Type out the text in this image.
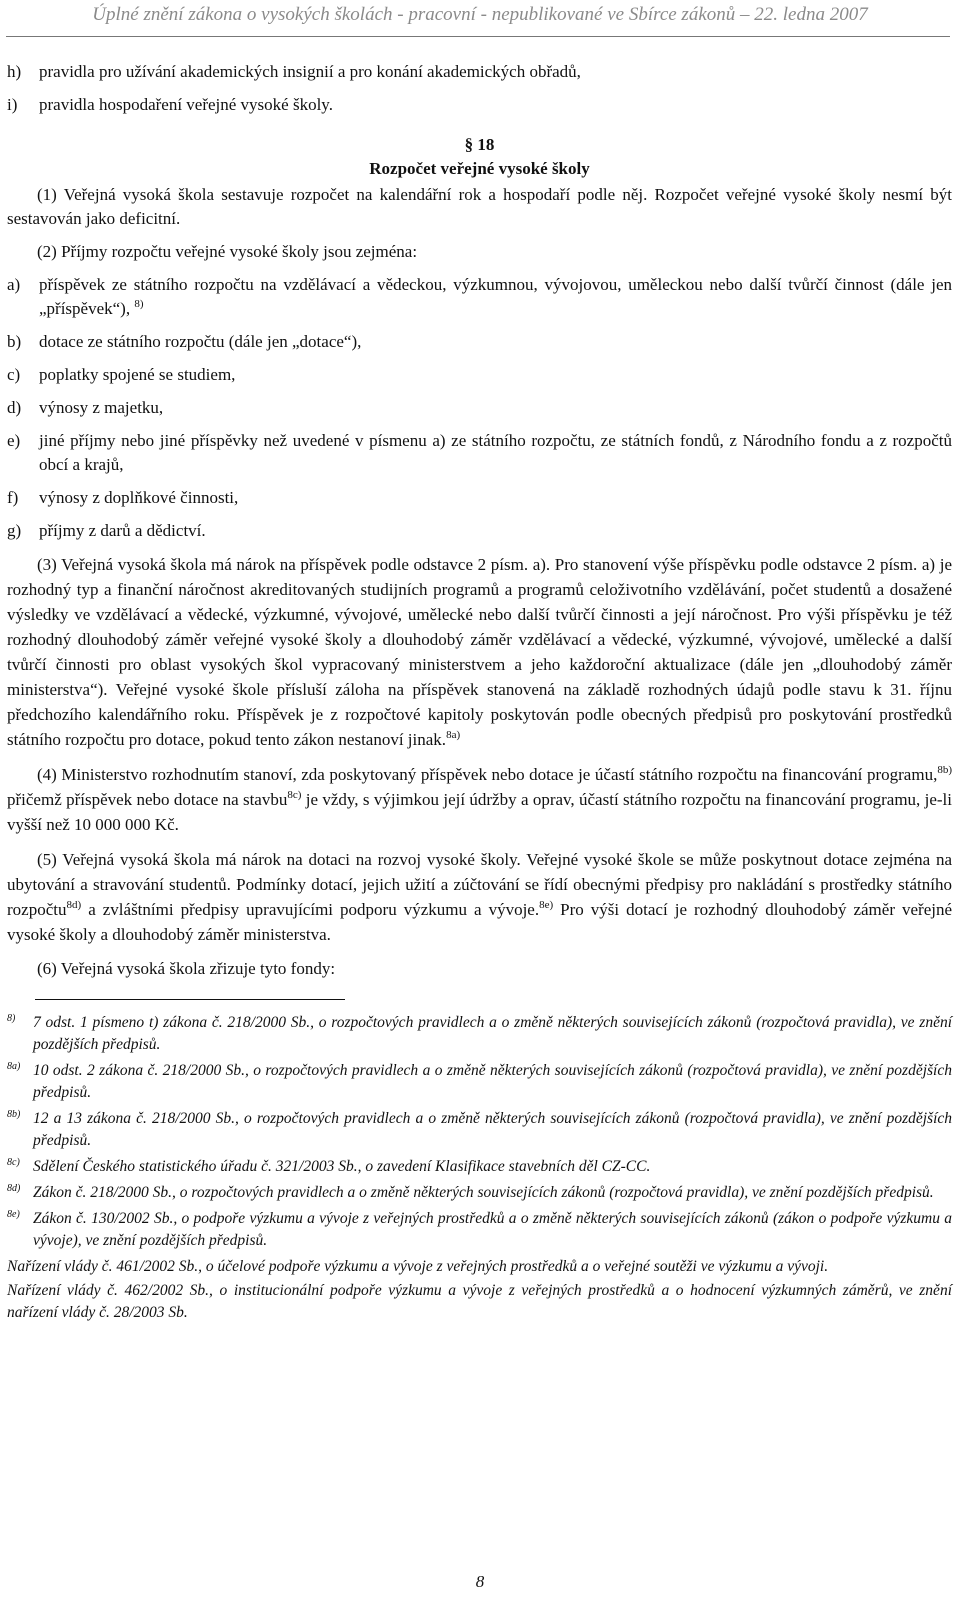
Úplné znění zákona o vysokých školách - pracovní - nepublikované ve Sbírce zákonů – 22. ledna 2007
h)	pravidla pro užívání akademických insignií a pro konání akademických obřadů,
i)	pravidla hospodaření veřejné vysoké školy.
§ 18
Rozpočet veřejné vysoké školy

(1) Veřejná vysoká škola sestavuje rozpočet na kalendářní rok a hospodaří podle něj. Rozpočet veřejné vysoké školy nesmí být sestavován jako deficitní.

(2) Příjmy rozpočtu veřejné vysoké školy jsou zejména:

a)	příspěvek ze státního rozpočtu na vzdělávací a vědeckou, výzkumnou, vývojovou, uměleckou nebo další tvůrčí činnost (dále jen „příspěvek“), $^{8)}$
b)	dotace ze státního rozpočtu (dále jen „dotace“),
c)	poplatky spojené se studiem,
d)	výnosy z majetku,
e)	jiné příjmy nebo jiné příspěvky než uvedené v písmenu a) ze státního rozpočtu, ze státních fondů, z Národního fondu a z rozpočtů obcí a krajů,
f)	výnosy z doplňkové činnosti,
g)	příjmy z darů a dědictví.

(3) Veřejná vysoká škola má nárok na příspěvek podle odstavce 2 písm. a). Pro stanovení výše příspěvku podle odstavce 2 písm. a) je rozhodný typ a finanční náročnost akreditovaných studijních programů a programů celoživotního vzdělávání, počet studentů a dosažené výsledky ve vzdělávací a vědecké, výzkumné, vývojové, umělecké nebo další tvůrčí činnosti a její náročnost. Pro výši příspěvku je též rozhodný dlouhodobý záměr veřejné vysoké školy a dlouhodobý záměr vzdělávací a vědecké, výzkumné, vývojové, umělecké a další tvůrčí činnosti pro oblast vysokých škol vypracovaný ministerstvem a jeho každoroční aktualizace (dále jen „dlouhodobý záměr ministerstva“). Veřejné vysoké škole přísluší záloha na příspěvek stanovená na základě rozhodných údajů podle stavu k 31. říjnu předchozího kalendářního roku. Příspěvek je z rozpočtové kapitoly poskytován podle obecných předpisů pro poskytování prostředků státního rozpočtu pro dotace, pokud tento zákon nestanoví jinak.$^{8a)}$

(4) Ministerstvo rozhodnutím stanoví, zda poskytovaný příspěvek nebo dotace je účastí státního rozpočtu na financování programu,$^{8b)}$ přičemž příspěvek nebo dotace na stavbu$^{8c)}$ je vždy, s výjimkou její údržby a oprav, účastí státního rozpočtu na financování programu, je-li vyšší než 10 000 000 Kč.

(5) Veřejná vysoká škola má nárok na dotaci na rozvoj vysoké školy. Veřejné vysoké škole se může poskytnout dotace zejména na ubytování a stravování studentů. Podmínky dotací, jejich užití a zúčtování se řídí obecnými předpisy pro nakládání s prostředky státního rozpočtu$^{8d)}$ a zvláštními předpisy upravujícími podporu výzkumu a vývoje.$^{8e)}$ Pro výši dotací je rozhodný dlouhodobý záměr veřejné vysoké školy a dlouhodobý záměr ministerstva.

(6) Veřejná vysoká škola zřizuje tyto fondy:

8)	7 odst. 1 písmeno t) zákona č. 218/2000 Sb., o rozpočtových pravidlech a o změně některých souvisejících zákonů (rozpočtová pravidla), ve znění pozdějších předpisů.
8a) 10 odst. 2 zákona č. 218/2000 Sb., o rozpočtových pravidlech a o změně některých souvisejících zákonů (rozpočtová pravidla), ve znění pozdějších předpisů.
8b) 12 a 13 zákona č. 218/2000 Sb., o rozpočtových pravidlech a o změně některých souvisejících zákonů (rozpočtová pravidla), ve znění pozdějších předpisů.
8c) Sdělení Českého statistického úřadu č. 321/2003 Sb., o zavedení Klasifikace stavebních děl CZ-CC.
8d) Zákon č. 218/2000 Sb., o rozpočtových pravidlech a o změně některých souvisejících zákonů (rozpočtová pravidla), ve znění pozdějších předpisů.
8e) Zákon č. 130/2002 Sb., o podpoře výzkumu a vývoje z veřejných prostředků a o změně některých souvisejících zákonů (zákon o podpoře výzkumu a vývoje), ve znění pozdějších předpisů.
Nařízení vlády č. 461/2002 Sb., o účelové podpoře výzkumu a vývoje z veřejných prostředků a o veřejné soutěži ve výzkumu a vývoji.
Nařízení vlády č. 462/2002 Sb., o institucionální podpoře výzkumu a vývoje z veřejných prostředků a o hodnocení výzkumných záměrů, ve znění nařízení vlády č. 28/2003 Sb.
8
